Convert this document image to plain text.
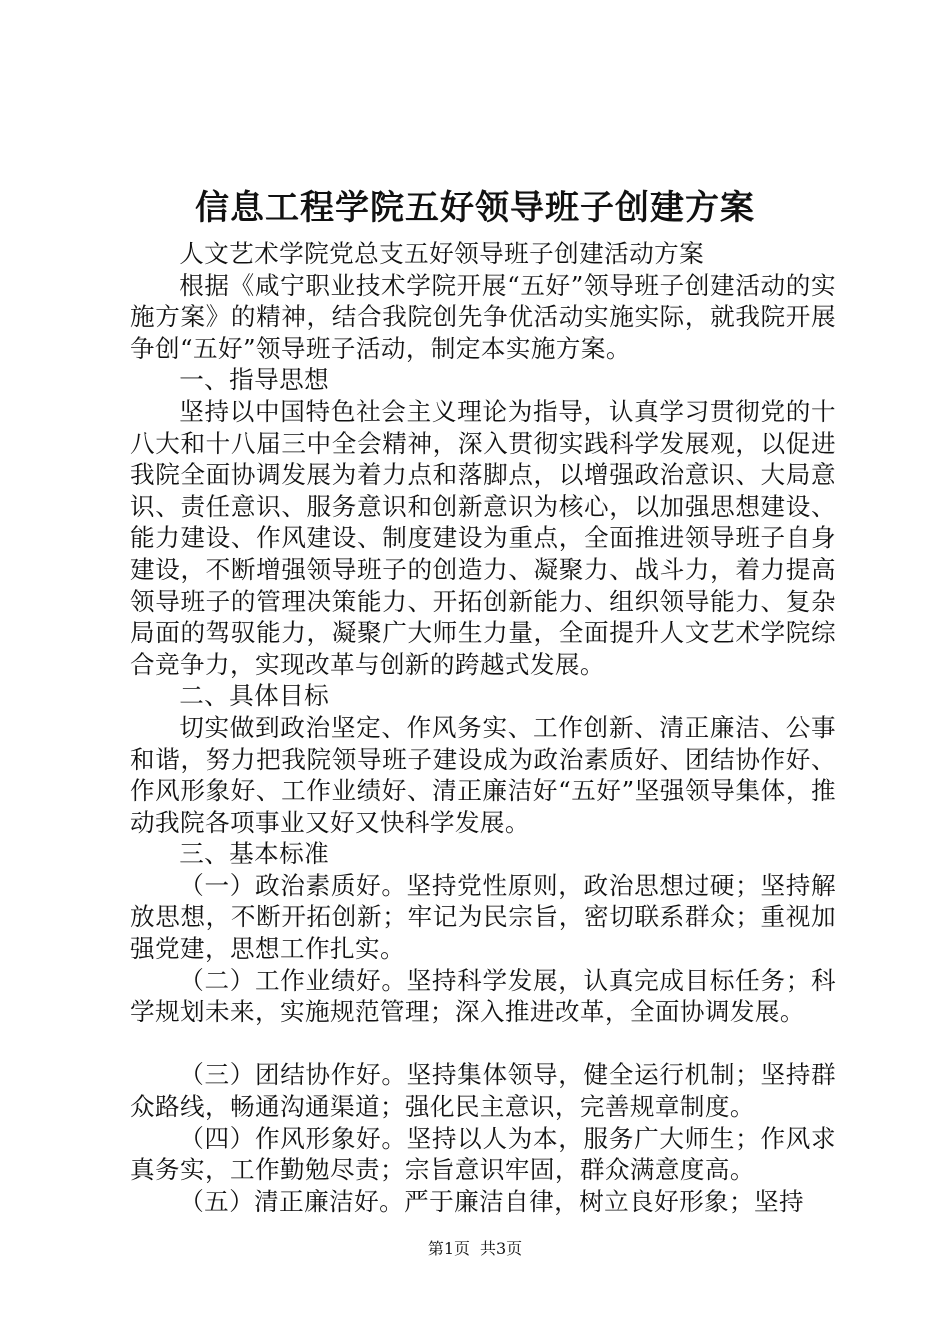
信息工程学院五好领导班子创建方案

人文艺术学院党总支五好领导班子创建活动方案

根据《咸宁职业技术学院开展“五好”领导班子创建活动的实施方案》的精神，结合我院创先争优活动实施实际，就我院开展争创“五好”领导班子活动，制定本实施方案。

一、指导思想

坚持以中国特色社会主义理论为指导，认真学习贯彻党的十八大和十八届三中全会精神，深入贯彻实践科学发展观，以促进我院全面协调发展为着力点和落脚点，以增强政治意识、大局意识、责任意识、服务意识和创新意识为核心，以加强思想建设、能力建设、作风建设、制度建设为重点，全面推进领导班子自身建设，不断增强领导班子的创造力、凝聚力、战斗力，着力提高领导班子的管理决策能力、开拓创新能力、组织领导能力、复杂局面的驾驭能力，凝聚广大师生力量，全面提升人文艺术学院综合竞争力，实现改革与创新的跨越式发展。

二、具体目标

切实做到政治坚定、作风务实、工作创新、清正廉洁、公事和谐，努力把我院领导班子建设成为政治素质好、团结协作好、作风形象好、工作业绩好、清正廉洁好“五好”坚强领导集体，推动我院各项事业又好又快科学发展。

三、基本标准

（一）政治素质好。坚持党性原则，政治思想过硬；坚持解放思想，不断开拓创新；牢记为民宗旨，密切联系群众；重视加强党建，思想工作扎实。

（二）工作业绩好。坚持科学发展，认真完成目标任务；科学规划未来，实施规范管理；深入推进改革，全面协调发展。

（三）团结协作好。坚持集体领导，健全运行机制；坚持群众路线，畅通沟通渠道；强化民主意识，完善规章制度。

（四）作风形象好。坚持以人为本，服务广大师生；作风求真务实，工作勤勉尽责；宗旨意识牢固，群众满意度高。

（五）清正廉洁好。严于廉洁自律，树立良好形象；坚持

第1页 共3页
